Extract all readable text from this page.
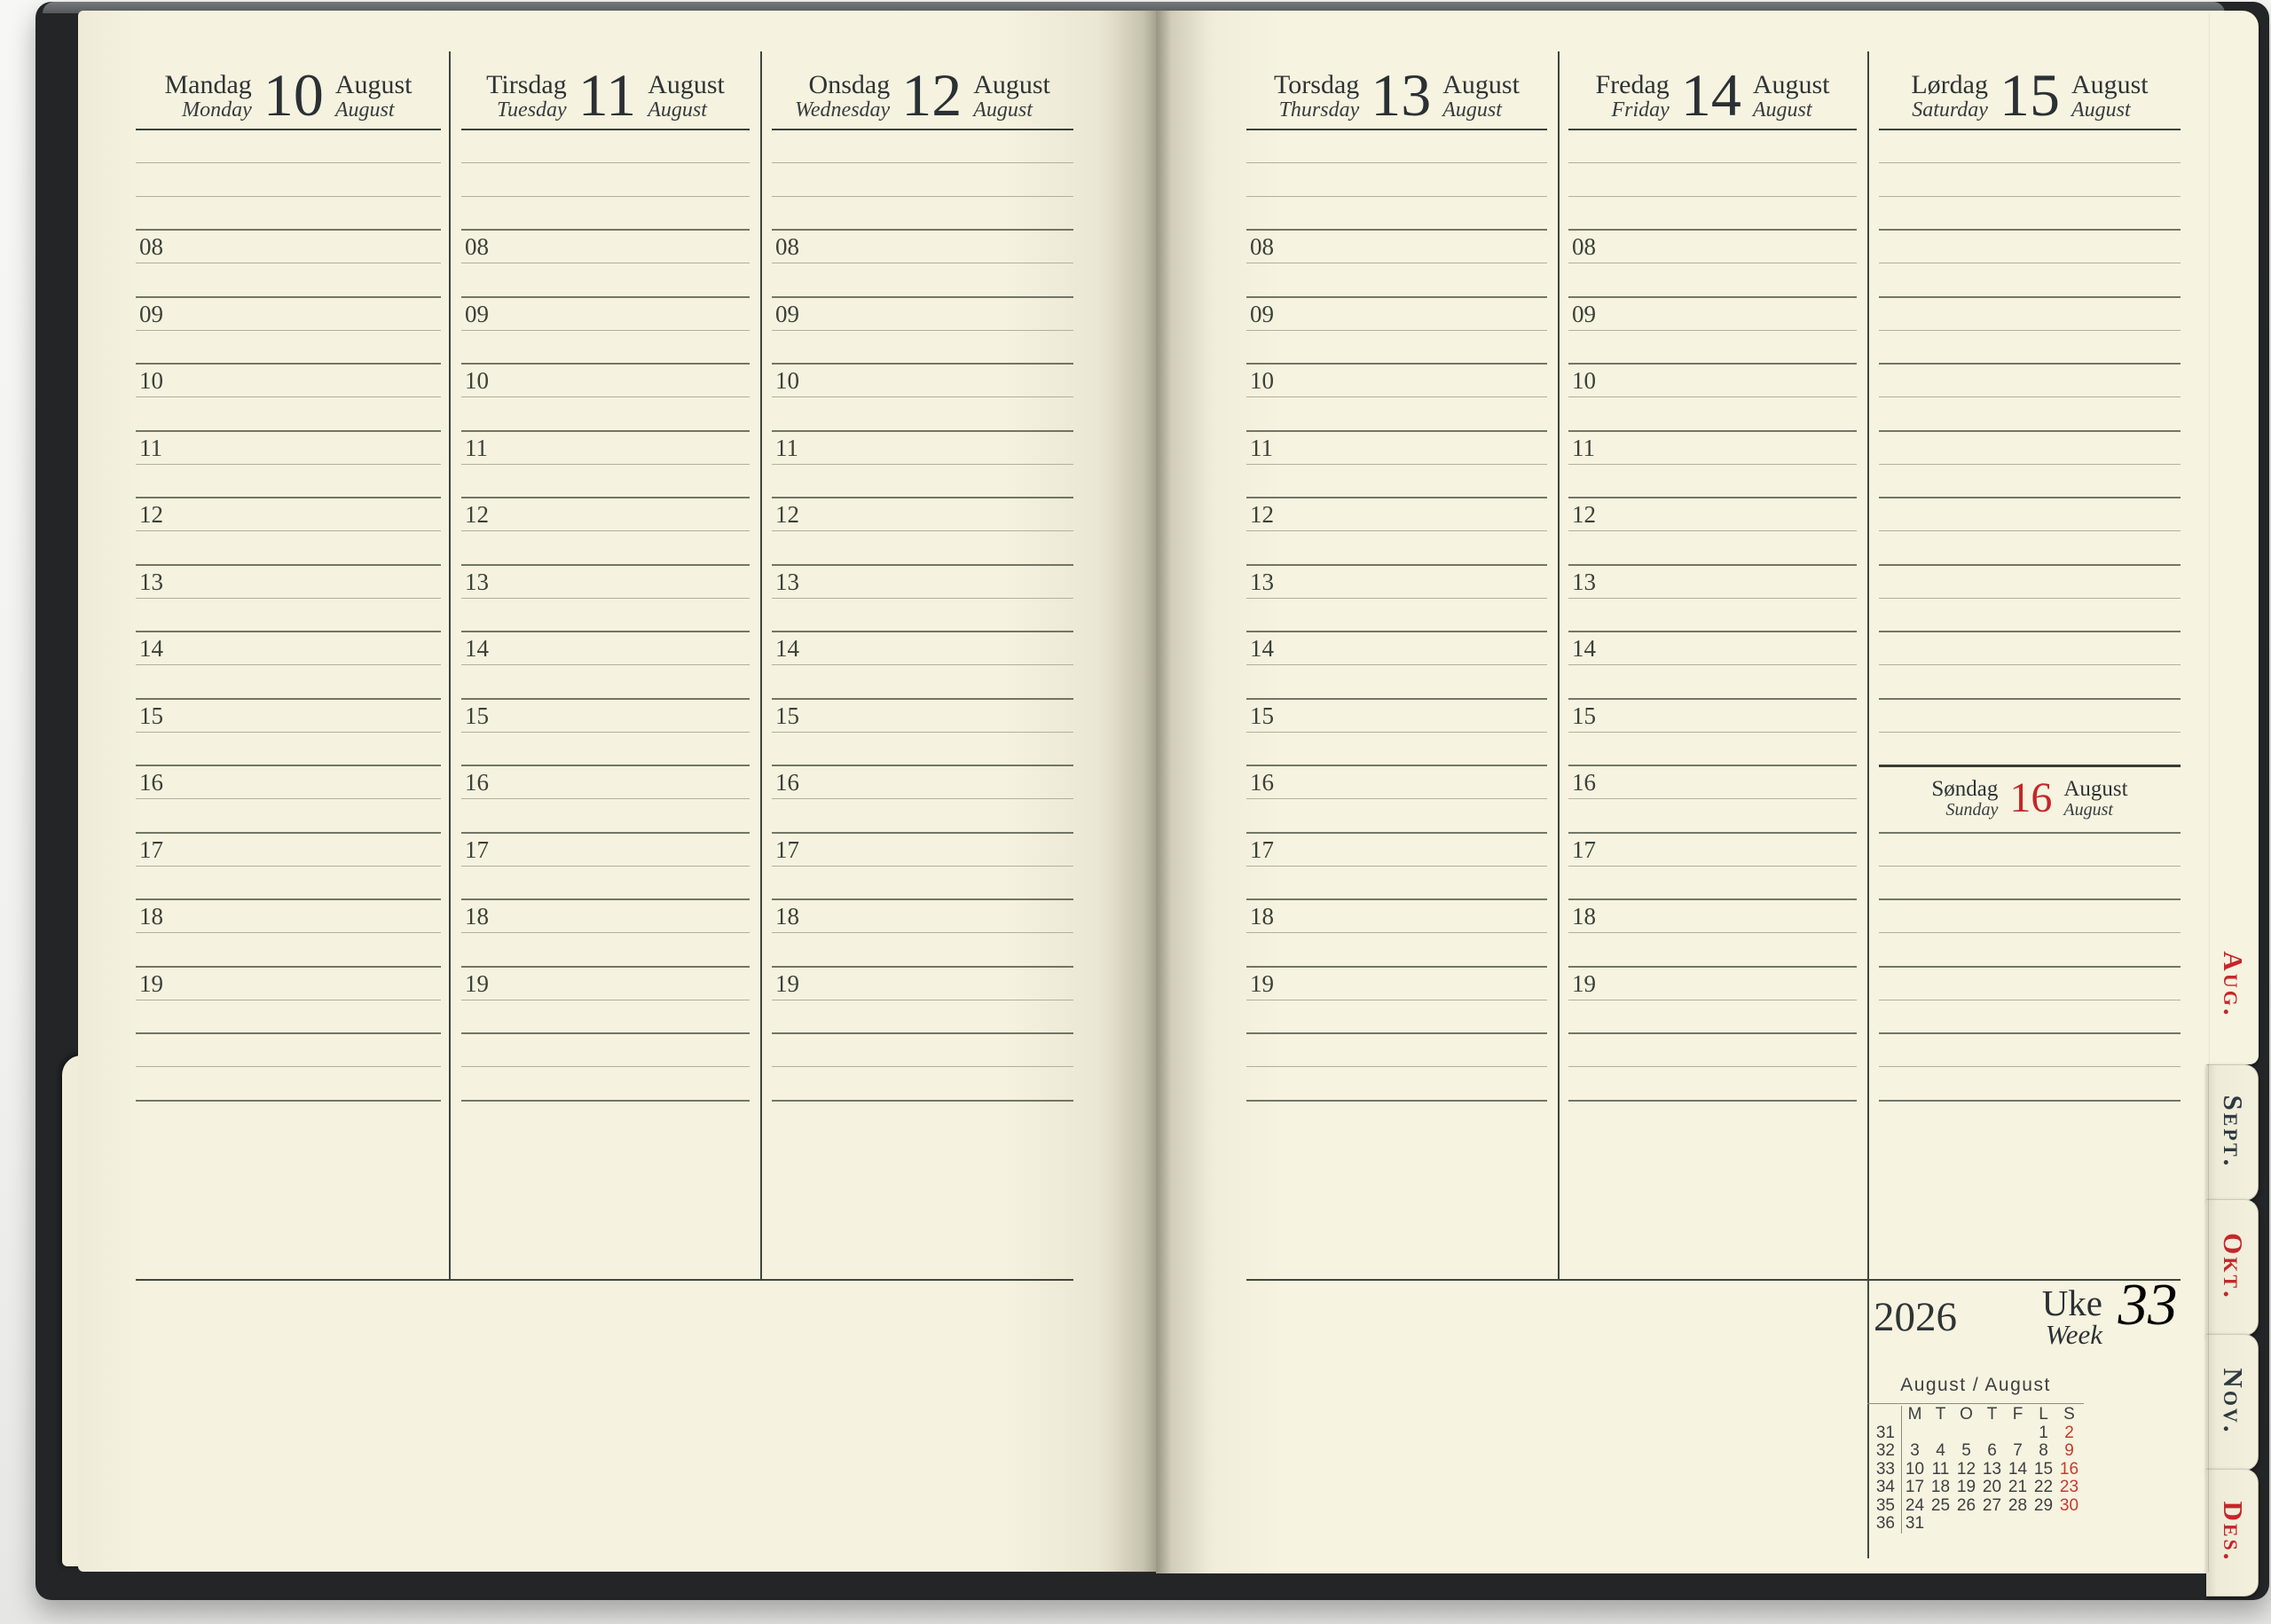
Aug.
Sept.
Okt.
Nov.
Des.
Mandag
Monday 10 August
August
08
09
10
11
12
13
14
15
16
17
18
19
Tirsdag
Tuesday 11 August
August
08
09
10
11
12
13
14
15
16
17
18
19
Onsdag
Wednesday 12 August
August
08
09
10
11
12
13
14
15
16
17
18
19
Torsdag
Thursday 13 August
August
08
09
10
11
12
13
14
15
16
17
18
19
Fredag
Friday 14 August
August
08
09
10
11
12
13
14
15
16
17
18
19
Lørdag
Saturday 15 August
August
Søndag
Sunday 16 August
August
2026	Uke
Week 33
August / August
M T O T F L S
31	1 2
32 3 4 5 6 7 8 9
33 10 11 12 13 14 15 16
34 17 18 19 20 21 22 23
35 24 25 26 27 28 29 30
36 31
